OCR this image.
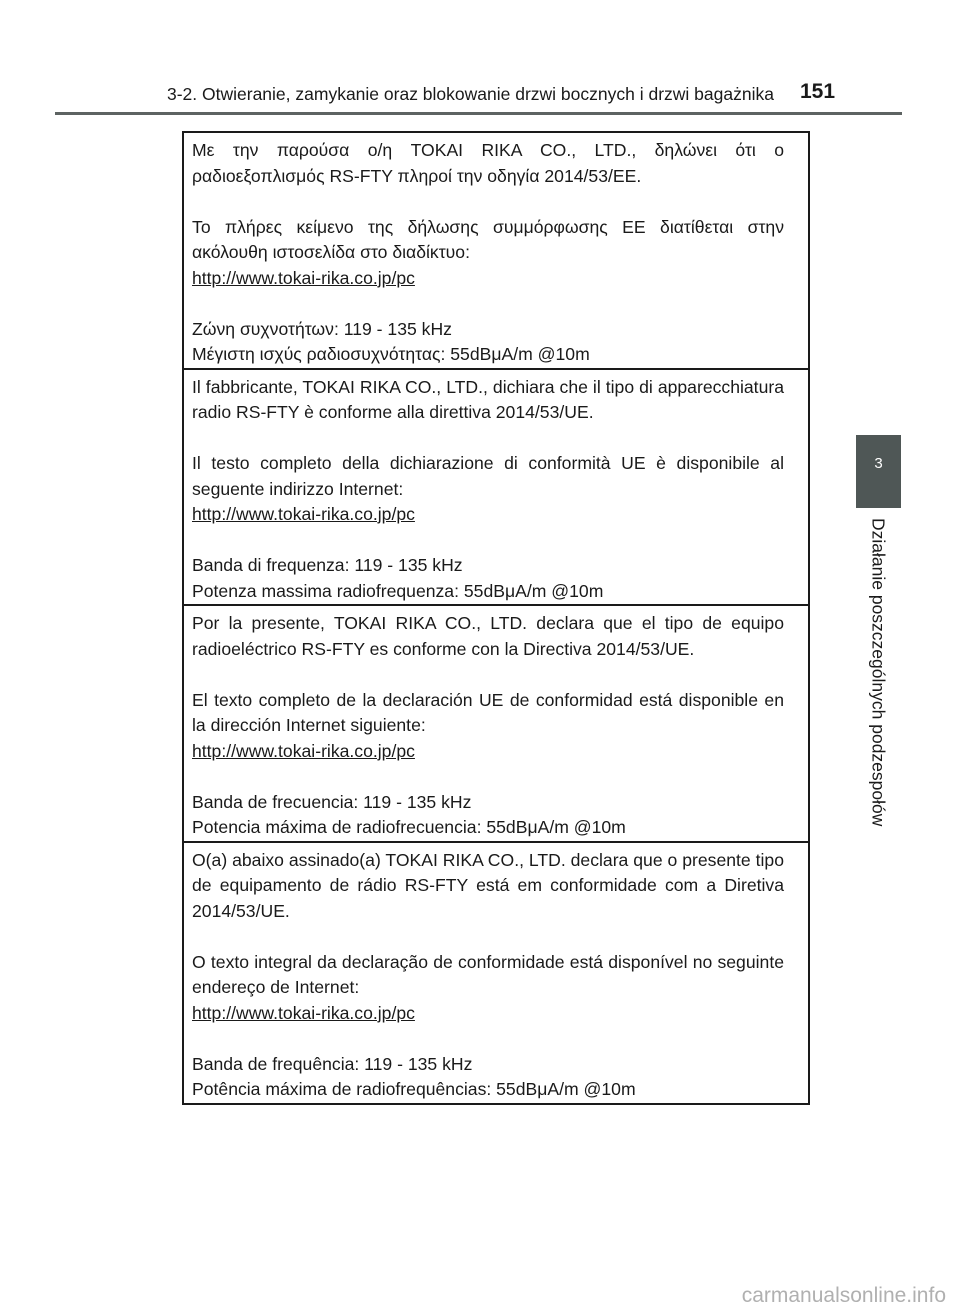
3-2. Otwieranie, zamykanie oraz blokowanie drzwi bocznych i drzwi bagażnika 151

Με την παρούσα ο/η TOKAI RIKA CO., LTD., δηλώνει ότι ο ραδιοεξοπλισμός RS-FTY πληροί την οδηγία 2014/53/ΕΕ.

Το πλήρες κείμενο της δήλωσης συμμόρφωσης ΕΕ διατίθεται στην ακόλουθη ιστοσελίδα στο διαδίκτυο:
http://www.tokai-rika.co.jp/pc

Ζώνη συχνοτήτων: 119 - 135 kHz
Μέγιστη ισχύς ραδιοσυχνότητας: 55dBμA/m @10m

Il fabbricante, TOKAI RIKA CO., LTD., dichiara che il tipo di apparecchiatura radio RS-FTY è conforme alla direttiva 2014/53/UE.

Il testo completo della dichiarazione di conformità UE è disponibile al seguente indirizzo Internet:
http://www.tokai-rika.co.jp/pc

Banda di frequenza: 119 - 135 kHz
Potenza massima radiofrequenza: 55dBμA/m @10m

Por la presente, TOKAI RIKA CO., LTD. declara que el tipo de equipo radioeléctrico RS-FTY es conforme con la Directiva 2014/53/UE.

El texto completo de la declaración UE de conformidad está disponible en la dirección Internet siguiente:
http://www.tokai-rika.co.jp/pc

Banda de frecuencia: 119 - 135 kHz
Potencia máxima de radiofrecuencia: 55dBμA/m @10m

O(a) abaixo assinado(a) TOKAI RIKA CO., LTD. declara que o presente tipo de equipamento de rádio RS-FTY está em conformidade com a Diretiva 2014/53/UE.

O texto integral da declaração de conformidade está disponível no seguinte endereço de Internet:
http://www.tokai-rika.co.jp/pc

Banda de frequência: 119 - 135 kHz
Potência máxima de radiofrequências: 55dBμA/m @10m

3
Działanie poszczególnych podzespołów
carmanualsonline.info
